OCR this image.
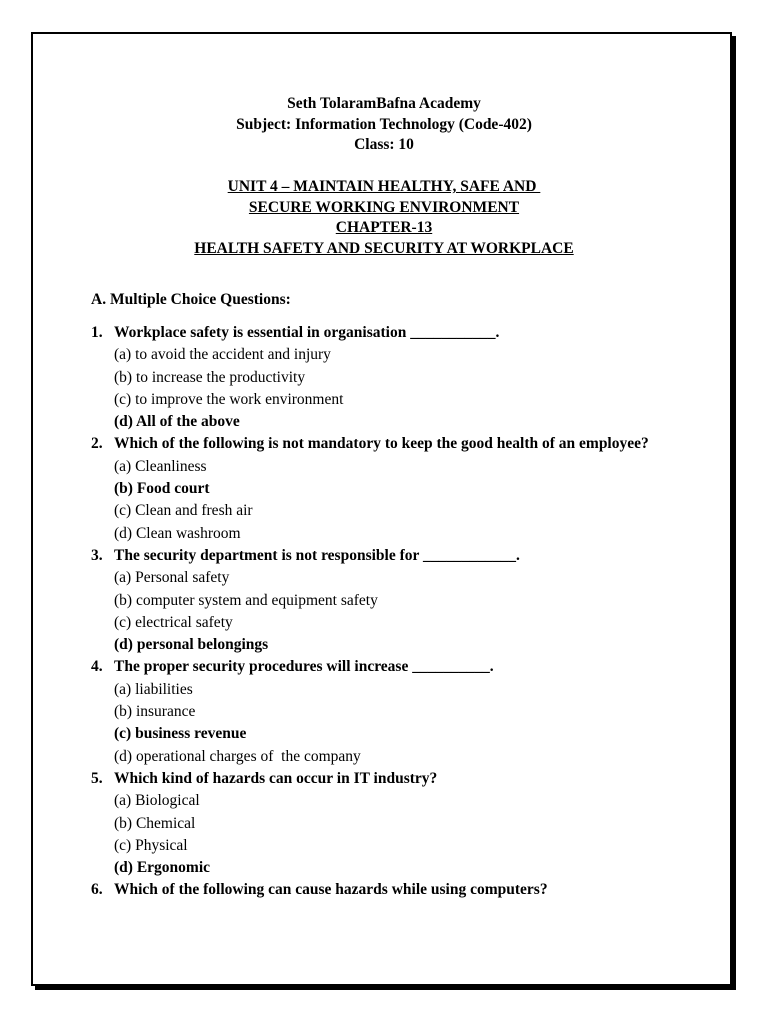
Seth TolaramBafna Academy
Subject: Information Technology (Code-402)
Class: 10
UNIT 4 – MAINTAIN HEALTHY, SAFE AND
SECURE WORKING ENVIRONMENT
CHAPTER-13
HEALTH SAFETY AND SECURITY AT WORKPLACE
A. Multiple Choice Questions:
1. Workplace safety is essential in organisation ___________.
(a) to avoid the accident and injury
(b) to increase the productivity
(c) to improve the work environment
(d) All of the above
2. Which of the following is not mandatory to keep the good health of an employee?
(a) Cleanliness
(b) Food court
(c) Clean and fresh air
(d) Clean washroom
3. The security department is not responsible for ____________.
(a) Personal safety
(b) computer system and equipment safety
(c) electrical safety
(d) personal belongings
4. The proper security procedures will increase __________.
(a) liabilities
(b) insurance
(c) business revenue
(d) operational charges of  the company
5. Which kind of hazards can occur in IT industry?
(a) Biological
(b) Chemical
(c) Physical
(d) Ergonomic
6. Which of the following can cause hazards while using computers?
